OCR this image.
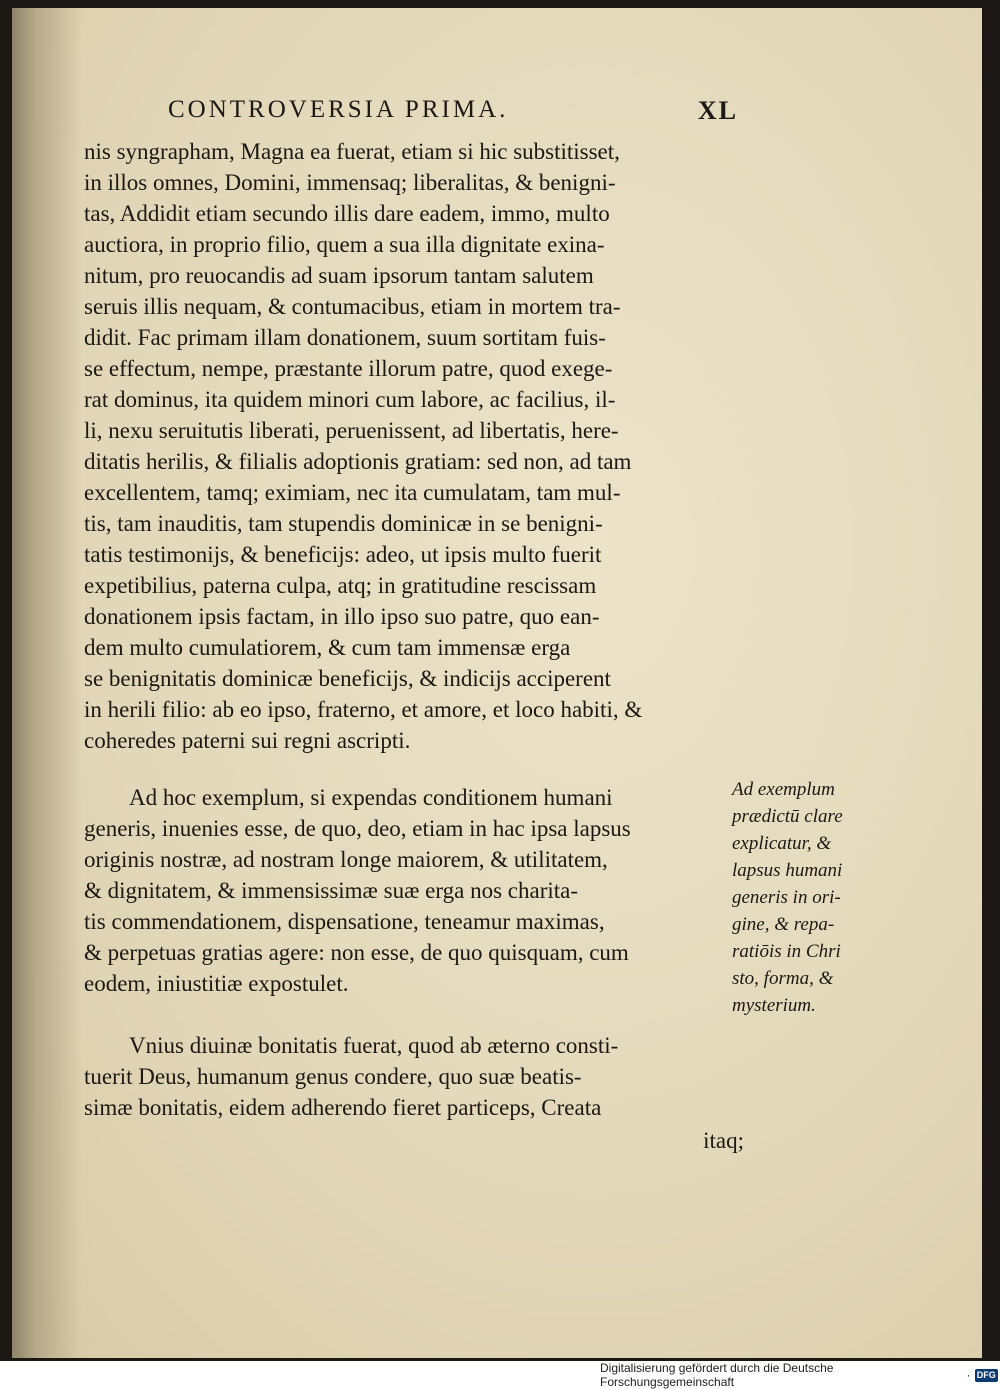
CONTROVERSIA PRIMA.	XL
nis syngrapham, Magna ea fuerat, etiam si hic substitisset,
in illos omnes, Domini, immensaq; liberalitas, & benigni-
tas, Addidit etiam secundo illis dare eadem, immo, multo
auctiora, in proprio filio, quem a sua illa dignitate exina-
nitum, pro reuocandis ad suam ipsorum tantam salutem
seruis illis nequam, & contumacibus, etiam in mortem tra-
didit. Fac primam illam donationem, suum sortitam fuis-
se effectum, nempe, præstante illorum patre, quod exege-
rat dominus, ita quidem minori cum labore, ac facilius, il-
li, nexu seruitutis liberati, peruenissent, ad libertatis, here-
ditatis herilis, & filialis adoptionis gratiam: sed non, ad tam
excellentem, tamq; eximiam, nec ita cumulatam, tam mul-
tis, tam inauditis, tam stupendis dominicæ in se benigni-
tatis testimonijs, & beneficijs: adeo, ut ipsis multo fuerit
expetibilius, paterna culpa, atq; in gratitudine rescissam
donationem ipsis factam, in illo ipso suo patre, quo ean-
dem multo cumulatiorem, & cum tam immensæ erga
se benignitatis dominicæ beneficijs, & indicijs acciperent
in herili filio: ab eo ipso, fraterno, et amore, et loco habiti, &
coheredes paterni sui regni ascripti.
Ad hoc exemplum, si expendas conditionem humani
generis, inuenies esse, de quo, deo, etiam in hac ipsa lapsus
originis nostræ, ad nostram longe maiorem, & utilitatem,
& dignitatem, & immensissimæ suæ erga nos charita-
tis commendationem, dispensatione, teneamur maximas,
& perpetuas gratias agere: non esse, de quo quisquam, cum
eodem, iniustitiæ expostulet.
Vnius diuinæ bonitatis fuerat, quod ab æterno consti-
tuerit Deus, humanum genus condere, quo suæ beatis-
simæ bonitatis, eidem adherendo fieret particeps, Creata
itaq;
Ad exemplum
prædictū clare
explicatur, &
lapsus humani
generis in ori-
gine, & repa-
ratiōis in Chri
sto, forma, &
mysterium.
Digitalisierung gefördert durch die Deutsche Forschungsgemeinschaft	· DFG
